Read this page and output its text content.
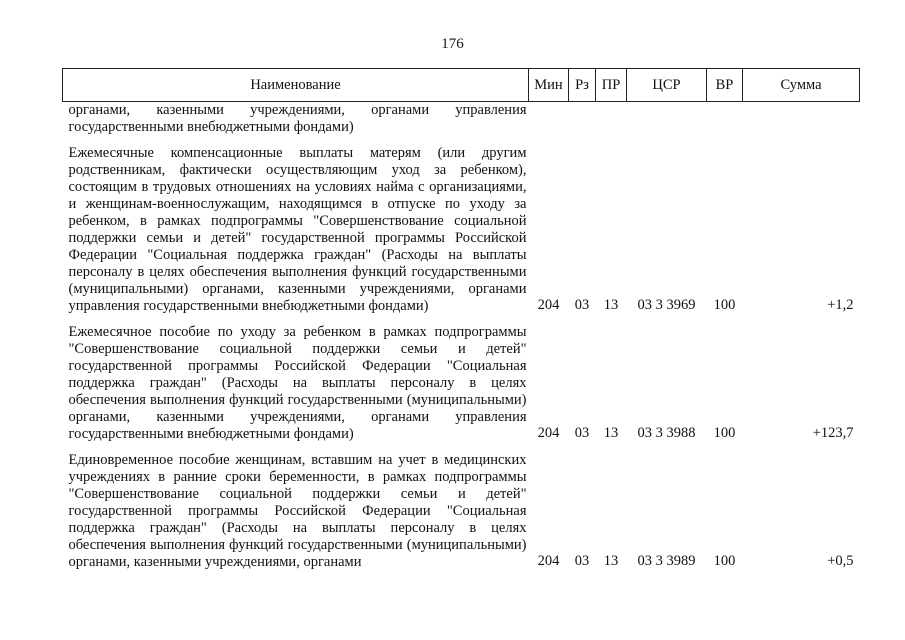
176
Наименование	Мин	Рз	ПР	ЦСР	ВР	Сумма
органами, казенными учреждениями, органами управления государственными внебюджетными фондами)						
Ежемесячные компенсационные выплаты матерям (или другим родственникам, фактически осуществляющим уход за ребенком), состоящим в трудовых отношениях на условиях найма с организациями, и женщинам-военнослужащим, находящимся в отпуске по уходу за ребенком, в рамках подпрограммы "Совершенствование социальной поддержки семьи и детей" государственной программы Российской Федерации "Социальная поддержка граждан" (Расходы на выплаты персоналу в целях обеспечения выполнения функций государственными (муниципальными) органами, казенными учреждениями, органами управления государственными внебюджетными фондами)	204	03	13	03 3 3969	100	+1,2
Ежемесячное пособие по уходу за ребенком в рамках подпрограммы "Совершенствование социальной поддержки семьи и детей" государственной программы Российской Федерации "Социальная поддержка граждан" (Расходы на выплаты персоналу в целях обеспечения выполнения функций государственными (муниципальными) органами, казенными учреждениями, органами управления государственными внебюджетными фондами)	204	03	13	03 3 3988	100	+123,7
Единовременное пособие женщинам, вставшим на учет в медицинских учреждениях в ранние сроки беременности, в рамках подпрограммы "Совершенствование социальной поддержки семьи и детей" государственной программы Российской Федерации "Социальная поддержка граждан" (Расходы на выплаты персоналу в целях обеспечения выполнения функций государственными (муниципальными) органами, казенными учреждениями, органами	204	03	13	03 3 3989	100	+0,5
